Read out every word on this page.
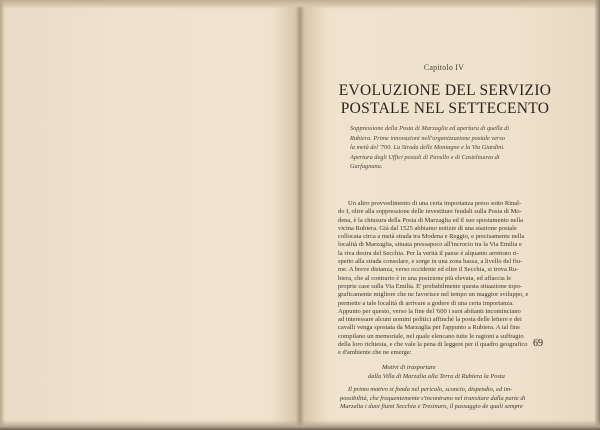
Capitolo IV
EVOLUZIONE DEL SERVIZIO
POSTALE NEL SETTECENTO
Soppressione della Posta di Marzaglia ed apertura di quella di
Rubiera. Prime innovazioni nell'organizzazione postale verso
la metà del '700. La Strada delle Montagne e la Via Giardini.
Apertura degli Uffici postali di Pavullo e di Castelnuovo di
Garfagnana.
Un altro provvedimento di una certa importanza preso sotto Rinal-
do I, oltre alla soppressione delle investiture feudali sulla Posta di Mo-
dena, è la chiusura della Posta di Marzaglia ed il suo spostamento nella
vicina Rubiera. Già dal 1525 abbiamo notizie di una stazione postale
collocata circa a metà strada tra Modena e Reggio, e precisamente nella
località di Marzaglia, situata pressapoco all'incrocio tra la Via Emilia e
la riva destra del Secchia. Per la verità il paese è alquanto arretrato ri-
spetto alla strada consolare, e sorge in una zona bassa, a livello del fiu-
me. A breve distanza, verso occidente ed oltre il Secchia, si trova Ru-
biera, che al contrario è in una posizione più elevata, ed affaccia le
proprie case sulla Via Emilia. E' probabilmente questa situazione topo-
graficamente migliore che ne favorisce nel tempo un maggior sviluppo, e
permette a tale località di arrivare a godere di una certa importanza.
Appunto per questo, verso la fine del '600 i suoi abitanti incominciano
ad interessare alcuni uomini politici affinchè la posta delle lettere e dei
cavalli venga spostata da Marzaglia per l'appunto a Rubiera. A tal fine
compilano un memoriale, nel quale elencano tutte le ragioni a suffragio
della loro richiesta, e che vale la pena di leggere per il quadro geografico
e d'ambiente che ne emerge:
Motivi di trasportare
dalla Villa di Marzalia alla Terra di Rubiera la Posta
Il primo motivo si fonda nel pericolo, sconcio, dispendio, ed im-
possibilità, che frequentemente s'incontrano nel transitare dalla parte di
Marzalia i duoi fiumi Secchia e Tresinaro, il passaggio de quali sempre
69
